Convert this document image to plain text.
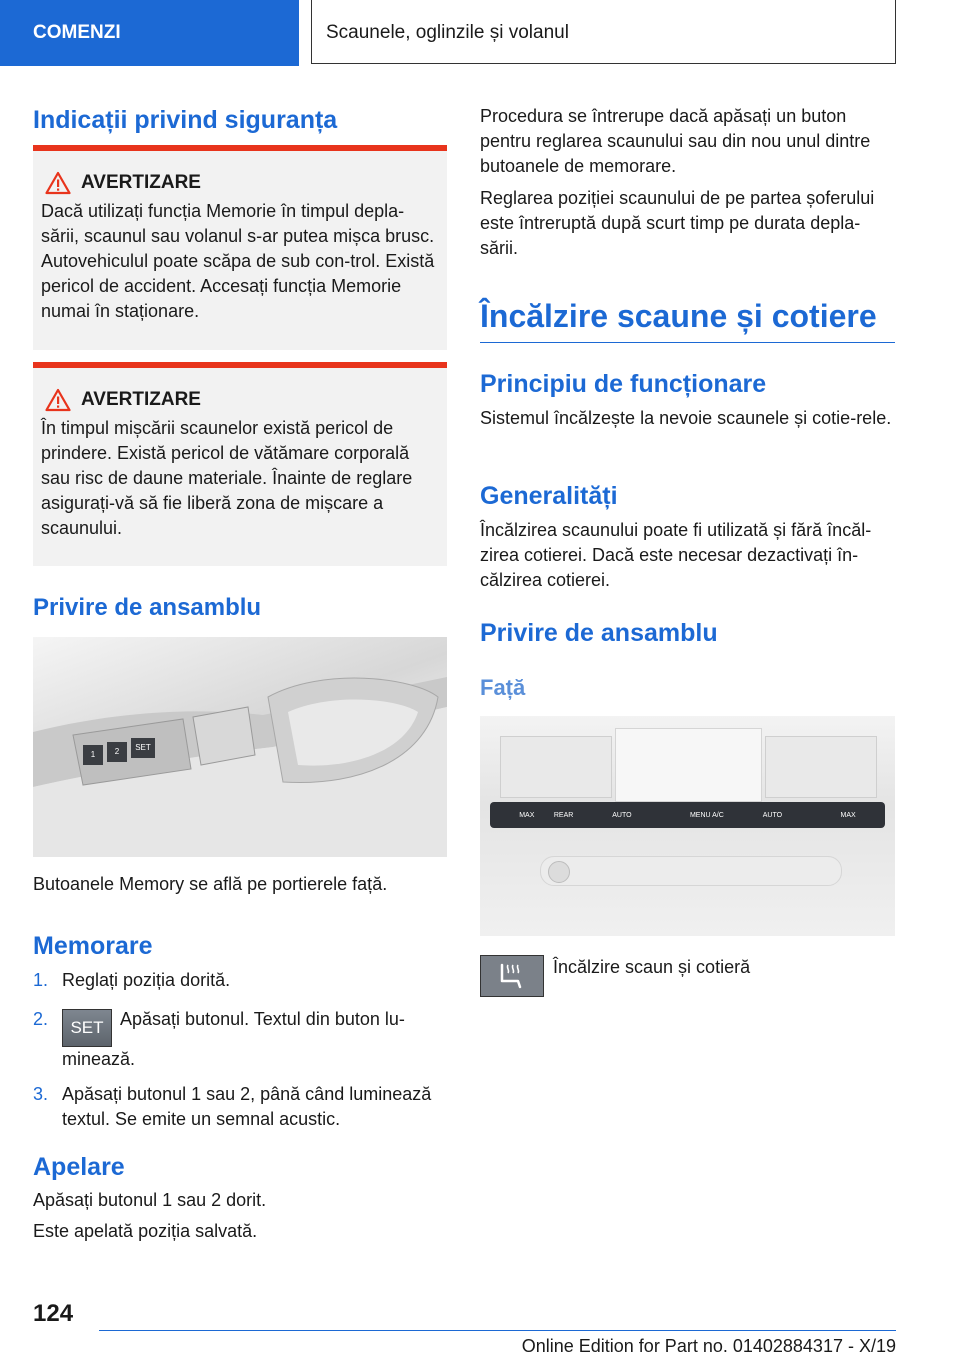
COMENZI	Scaunele, oglinzile și volanul
Indicații privind siguranța
AVERTIZARE
Dacă utilizați funcția Memorie în timpul depla-sării, scaunul sau volanul s-ar putea mișca brusc. Autovehiculul poate scăpa de sub con-trol. Există pericol de accident. Accesați funcția Memorie numai în staționare.
AVERTIZARE
În timpul mișcării scaunelor există pericol de prindere. Există pericol de vătămare corporală sau risc de daune materiale. Înainte de reglare asigurați-vă să fie liberă zona de mișcare a scaunului.
Privire de ansamblu
1	2	SET

Butoanele Memory se află pe portierele față.

Memorare
1. Reglați poziția dorită.
2. SET Apăsați butonul. Textul din buton lu-minează.
3. Apăsați butonul 1 sau 2, până când luminează textul. Se emite un semnal acustic.
Apelare

Apăsați butonul 1 sau 2 dorit.

Este apelată poziția salvată.

Procedura se întrerupe dacă apăsați un buton pentru reglarea scaunului sau din nou unul dintre butoanele de memorare.

Reglarea poziției scaunului de pe partea șoferului este întreruptă după scurt timp pe durata depla-sării.

Încălzire scaune și cotiere
Principiu de funcționare

Sistemul încălzește la nevoie scaunele și cotie-rele.

Generalități

Încălzirea scaunului poate fi utilizată și fără încăl-zirea cotierei. Dacă este necesar dezactivați în-călzirea cotierei.

Privire de ansamblu
Față
MAX	REAR	AUTO	MENU A/C	AUTO	MAX

Încălzire scaun și cotieră

124
Online Edition for Part no. 01402884317 - X/19
